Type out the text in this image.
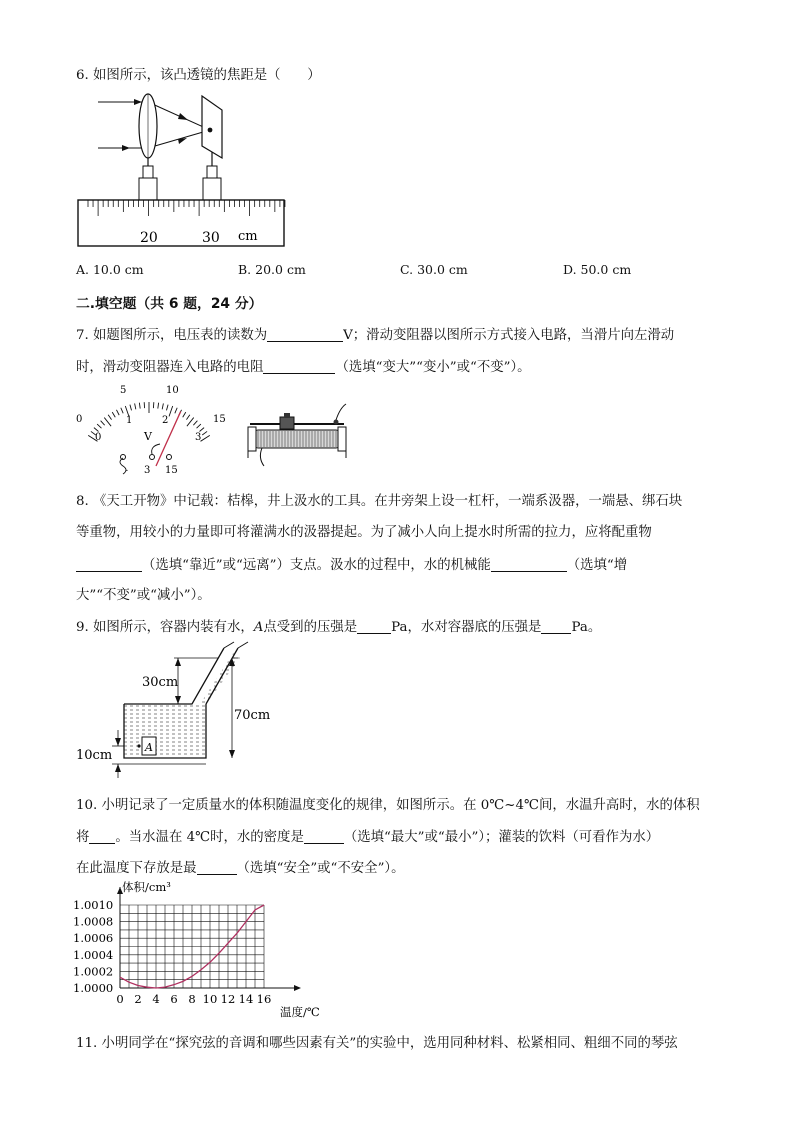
6. 如图所示，该凸透镜的焦距是（　　）
20	30 cm
A. 10.0 cm	B. 20.0 cm	C. 30.0 cm	D. 50.0 cm
二.填空题（共 6 题，24 分）
7. 如题图所示，电压表的读数为	V；滑动变阻器以图所示方式接入电路，当滑片向左滑动
时，滑动变阻器连入电路的电阻	（选填“变大”“变小”或“不变”）。
0
5	10
15
0
1	2
3
V
- 3 15
8. 《天工开物》中记载：桔槔，井上汲水的工具。在井旁架上设一杠杆，一端系汲器，一端悬、绑石块
等重物，用较小的力量即可将灌满水的汲器提起。为了减小人向上提水时所需的拉力，应将配重物
（选填“靠近”或“远离”）支点。汲水的过程中，水的机械能	（选填“增
大”“不变”或“减小”）。
9. 如图所示，容器内装有水，A点受到的压强是	Pa，水对容器底的压强是 Pa。
A
30cm
70cm
10cm
10. 小明记录了一定质量水的体积随温度变化的规律，如图所示。在 0℃~4℃间，水温升高时，水的体积
将 。当水温在 4℃时，水的密度是	（选填“最大”或“最小”）；灌装的饮料（可看作为水）
在此温度下存放是最	（选填“安全”或“不安全”）。
1.0000
1.0002
1.0004
1.0006
1.0008
1.0010
0 2 4 6 8 10 12 14 16
体积/cm³
温度/℃
11. 小明同学在“探究弦的音调和哪些因素有关”的实验中，选用同种材料、松紧相同、粗细不同的琴弦
